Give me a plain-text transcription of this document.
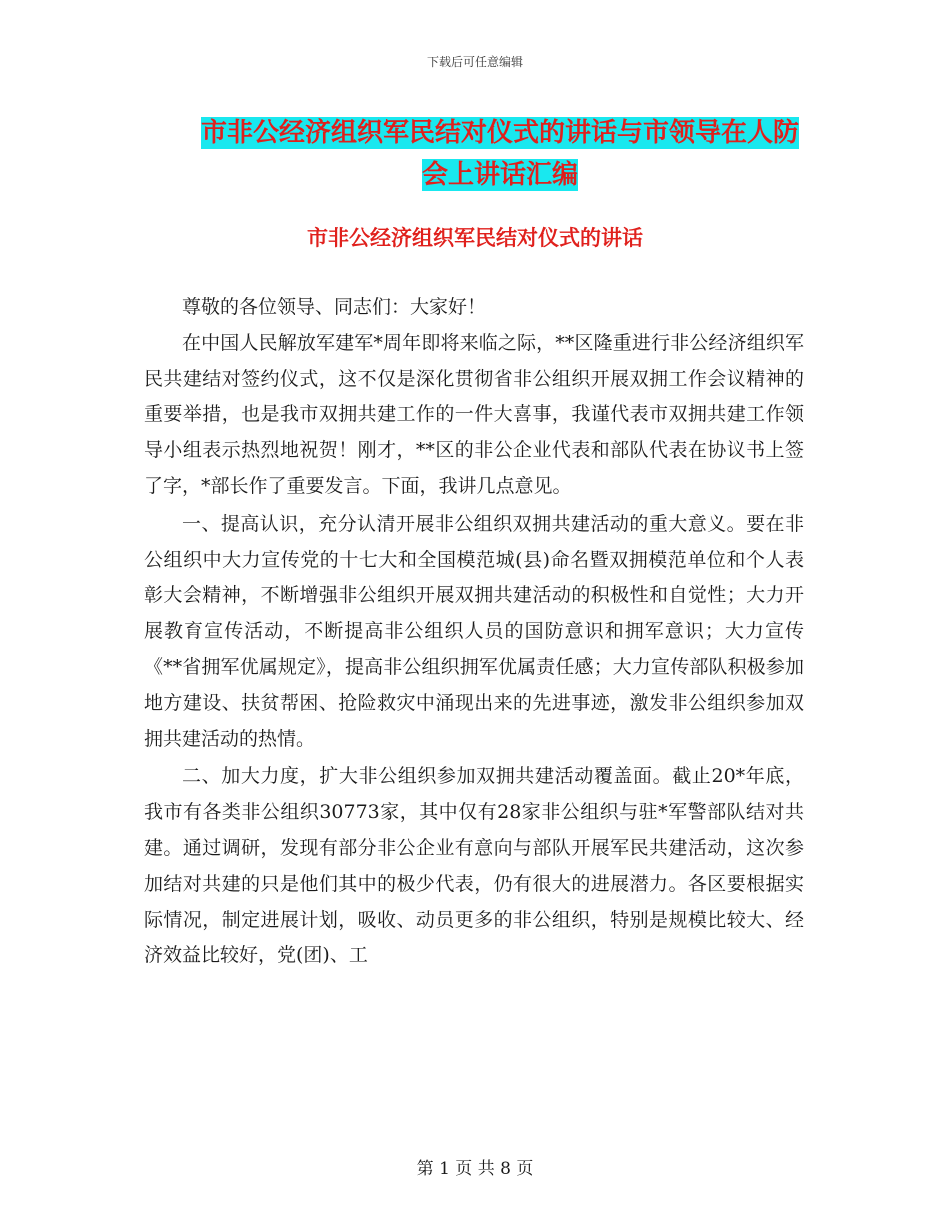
下载后可任意编辑
市非公经济组织军民结对仪式的讲话与市领导在人防
会上讲话汇编
市非公经济组织军民结对仪式的讲话

尊敬的各位领导、同志们：大家好！

在中国人民解放军建军*周年即将来临之际，**区隆重进行非公经济组织军民共建结对签约仪式，这不仅是深化贯彻省非公组织开展双拥工作会议精神的重要举措，也是我市双拥共建工作的一件大喜事，我谨代表市双拥共建工作领导小组表示热烈地祝贺！刚才，**区的非公企业代表和部队代表在协议书上签了字，*部长作了重要发言。下面，我讲几点意见。

一、提高认识，充分认清开展非公组织双拥共建活动的重大意义。要在非公组织中大力宣传党的十七大和全国模范城(县)命名暨双拥模范单位和个人表彰大会精神，不断增强非公组织开展双拥共建活动的积极性和自觉性；大力开展教育宣传活动，不断提高非公组织人员的国防意识和拥军意识；大力宣传《**省拥军优属规定》，提高非公组织拥军优属责任感；大力宣传部队积极参加地方建设、扶贫帮困、抢险救灾中涌现出来的先进事迹，激发非公组织参加双拥共建活动的热情。

二、加大力度，扩大非公组织参加双拥共建活动覆盖面。截止20*年底，我市有各类非公组织30773家，其中仅有28家非公组织与驻*军警部队结对共建。通过调研，发现有部分非公企业有意向与部队开展军民共建活动，这次参加结对共建的只是他们其中的极少代表，仍有很大的进展潜力。各区要根据实际情况，制定进展计划，吸收、动员更多的非公组织，特别是规模比较大、经济效益比较好，党(团)、工

第 1 页 共 8 页
